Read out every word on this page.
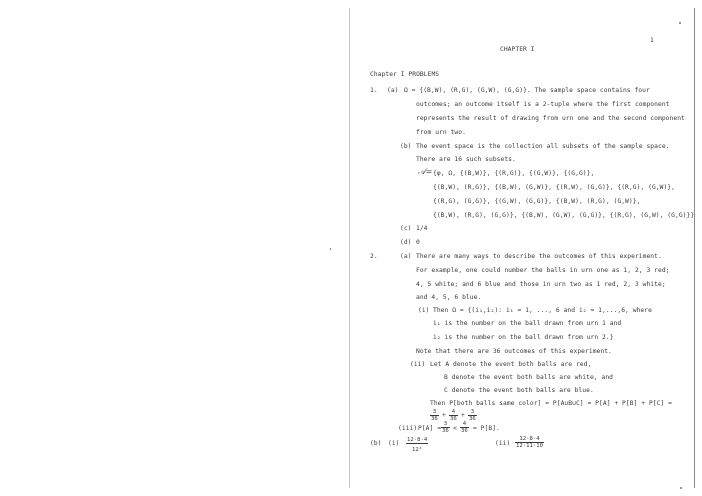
1
CHAPTER I
Chapter I PROBLEMS
1. (a) Ω = {(B,W), (R,G), (G,W), (G,G)}. The sample space contains four
outcomes; an outcome itself is a 2-tuple where the first component
represents the result of drawing from urn one and the second component
from urn two.
(b) The event space is the collection all subsets of the sample space.
There are 16 such subsets.
𝒜= {φ, Ω, {(B,W)}, {(R,G)}, {(G,W)}, {(G,G)},
{(B,W), (R,G)}, {(B,W), (G,W)}, {(R,W), (G,G)}, {(R,G), (G,W)},
{(R,G), (G,G)}, {(G,W), (G,G)}, {(B,W), (R,G), (G,W)},
{(B,W), (R,G), (G,G)}, {(B,W), (G,W), (G,G)}, {(R,G), (G,W), (G,G)}}
(c) 1/4
(d) 0
2.	(a) There are many ways to describe the outcomes of this experiment.
For example, one could number the balls in urn one as 1, 2, 3 red;
4, 5 white; and 6 blue and those in urn two as 1 red, 2, 3 white;
and 4, 5, 6 blue.
(i) Then Ω = {(i₁,i₂): i₁ = 1, ..., 6 and i₂ = 1,...,6, where
i₁ is the number on the ball drawn from urn 1 and
i₂ is the number on the ball drawn from urn 2.}
Note that there are 36 outcomes of this experiment.
(ii) Let A denote the event both balls are red,
B denote the event both balls are white, and
C denote the event both balls are blue.
Then P[both balls same color] = P[A∪B∪C] = P[A] + P[B] + P[C] =
$\frac{3}{36} + \frac{4}{36} + \frac{3}{36}$
(iii) $P[A] = \frac{3}{36} < \frac{4}{36} = P[B]$.
(b) $(i) \frac{12\cdot 8\cdot 4}{\text{12³}}$	$(ii) \frac{12\cdot 8\cdot 4}{12\cdot 11\cdot 10}$
